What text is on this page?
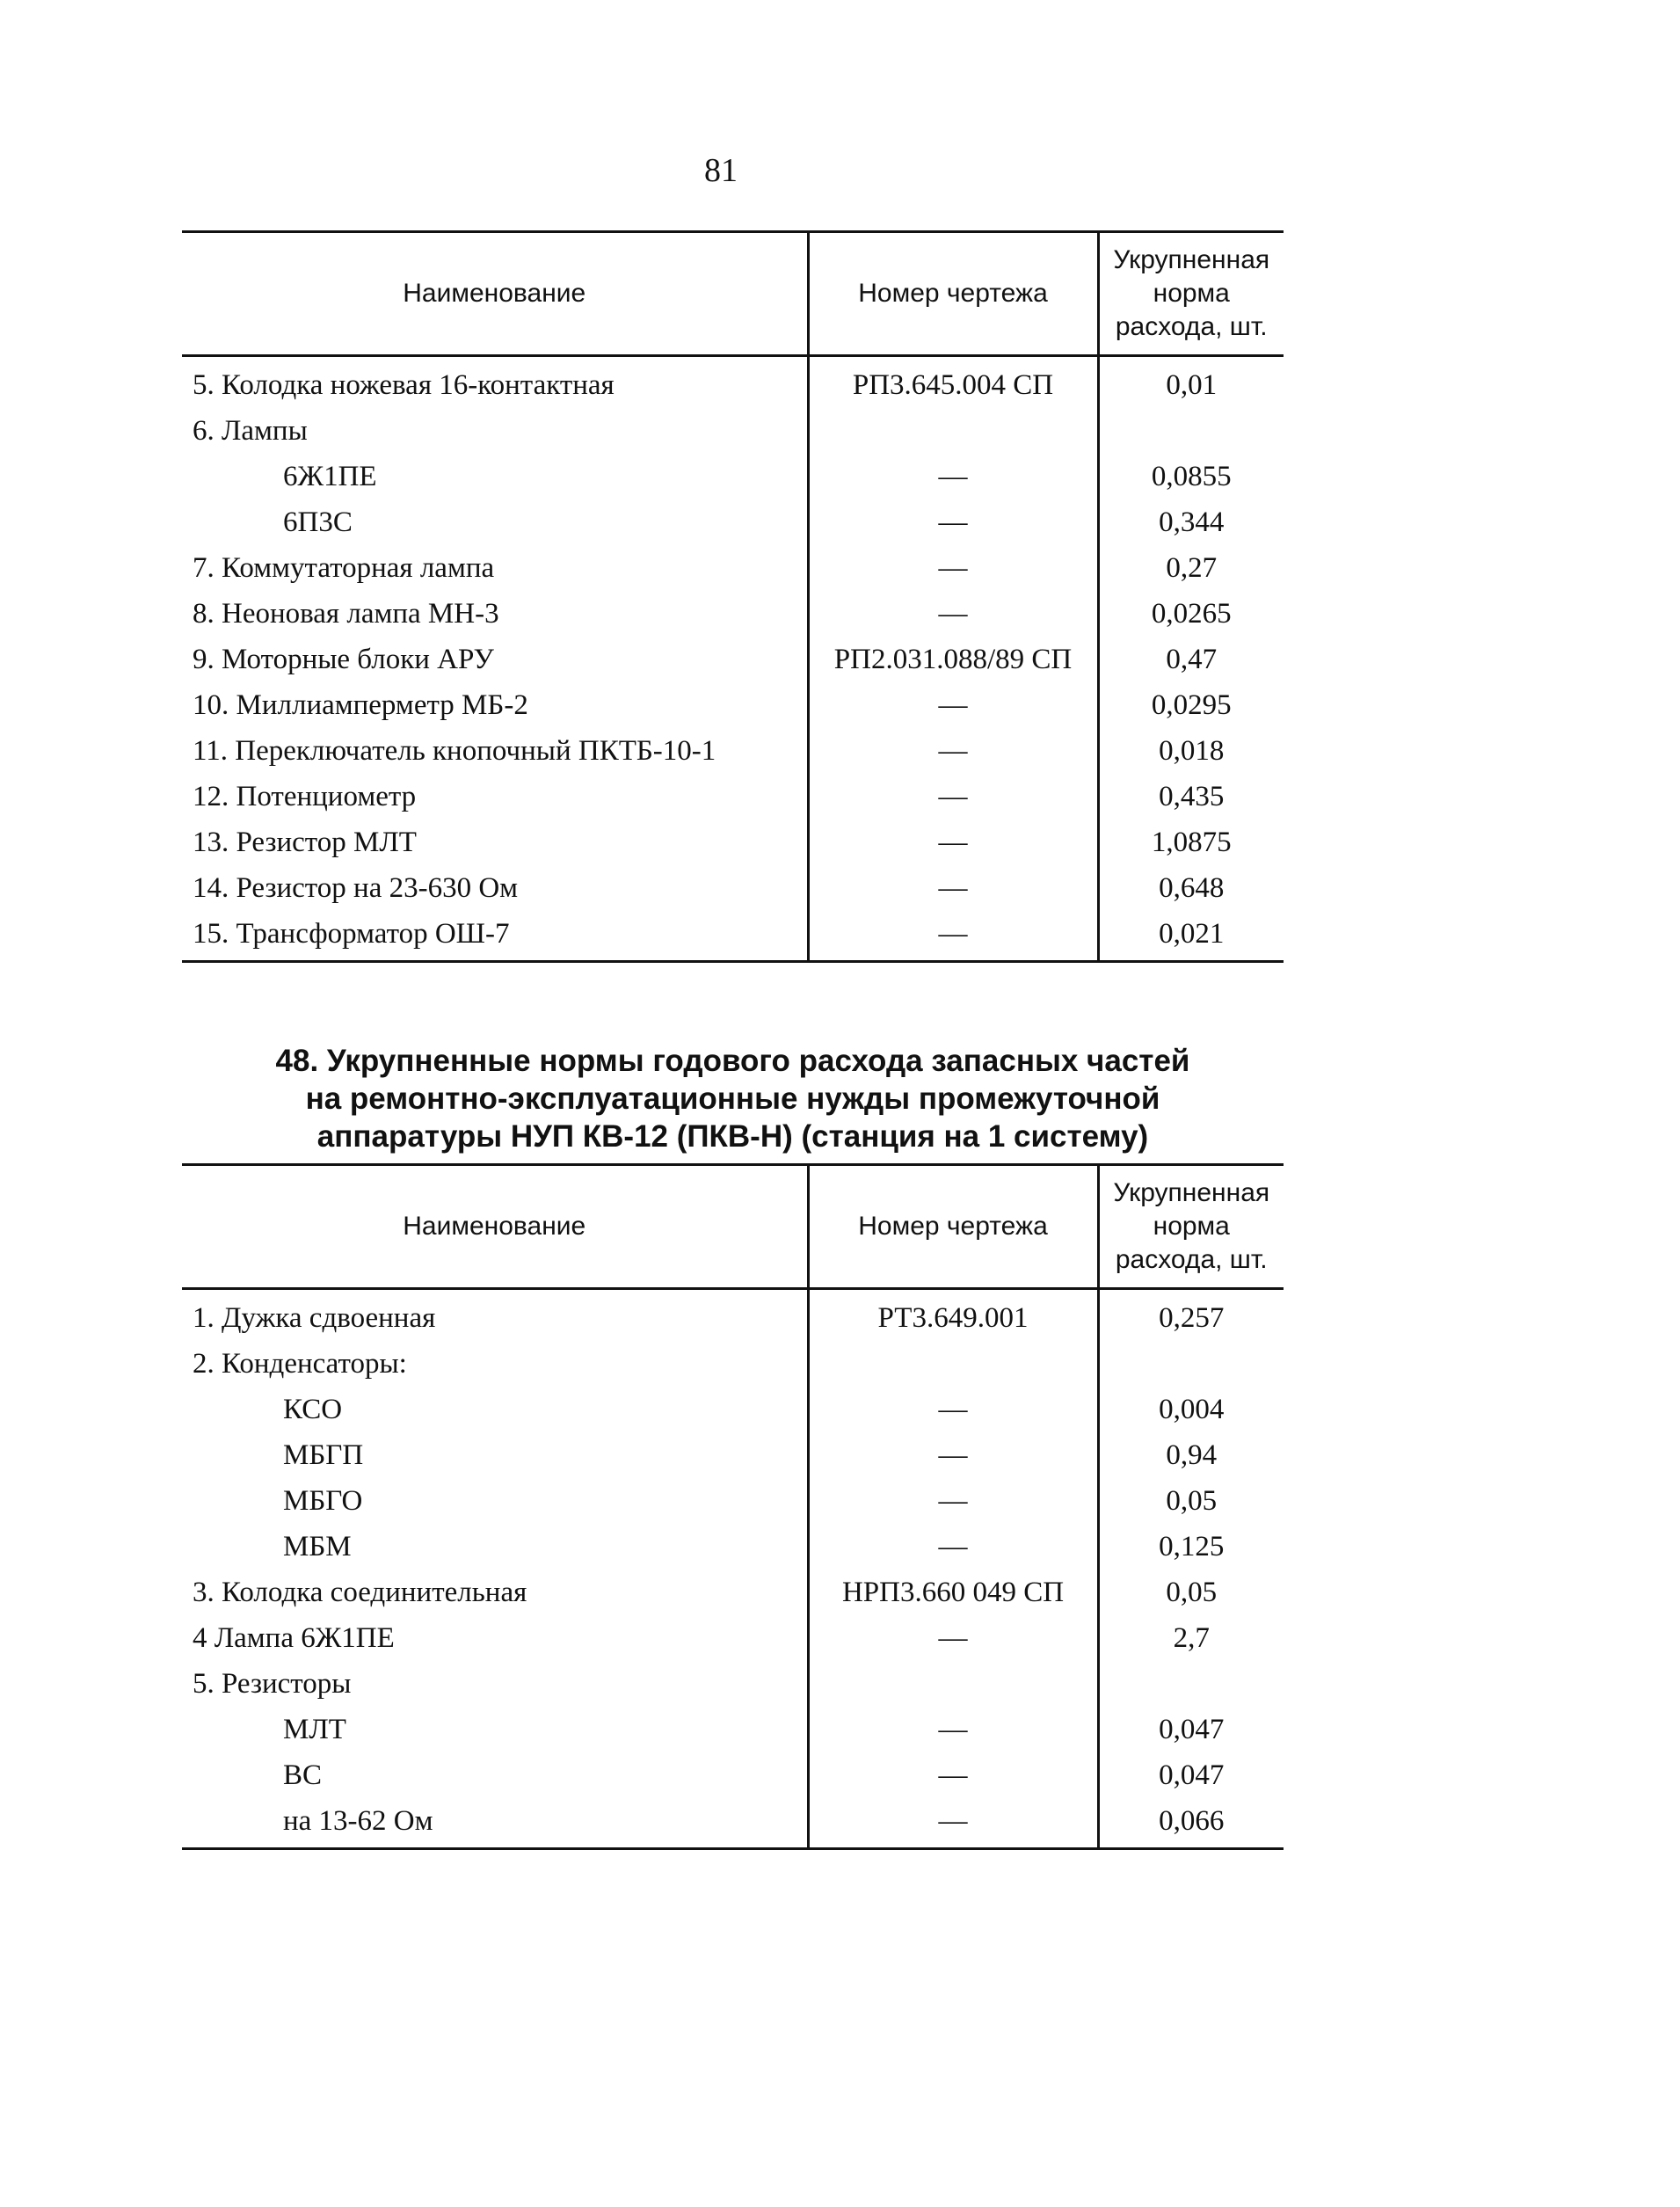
81
Наименование	Номер чертежа	Укрупненная
норма
расхода, шт.

5. Колодка ножевая 16-контактная	РП3.645.004 СП	0,01
6. Лампы		
6Ж1ПЕ	—	0,0855
6П3С	—	0,344
7. Коммутаторная лампа	—	0,27
8. Неоновая лампа МН-3	—	0,0265
9. Моторные блоки АРУ	РП2.031.088/89 СП	0,47
10. Миллиамперметр МБ-2	—	0,0295
11. Переключатель кнопочный ПКТБ-10-1	—	0,018
12. Потенциометр	—	0,435
13. Резистор МЛТ	—	1,0875
14. Резистор на 23-630 Ом	—	0,648
15. Трансформатор ОШ-7	—	0,021
48. Укрупненные нормы годового расхода запасных частей
на ремонтно-эксплуатационные нужды промежуточной
аппаратуры НУП КВ-12 (ПКВ-Н) (станция на 1 систему)
Наименование	Номер чертежа	Укрупненная
норма
расхода, шт.

1. Дужка сдвоенная	РТ3.649.001	0,257
2. Конденсаторы:		
КСО	—	0,004
МБГП	—	0,94
МБГО	—	0,05
МБМ	—	0,125
3. Колодка соединительная	НРП3.660 049 СП	0,05
4 Лампа 6Ж1ПЕ	—	2,7
5. Резисторы		
МЛТ	—	0,047
ВС	—	0,047
на 13-62 Ом	—	0,066
